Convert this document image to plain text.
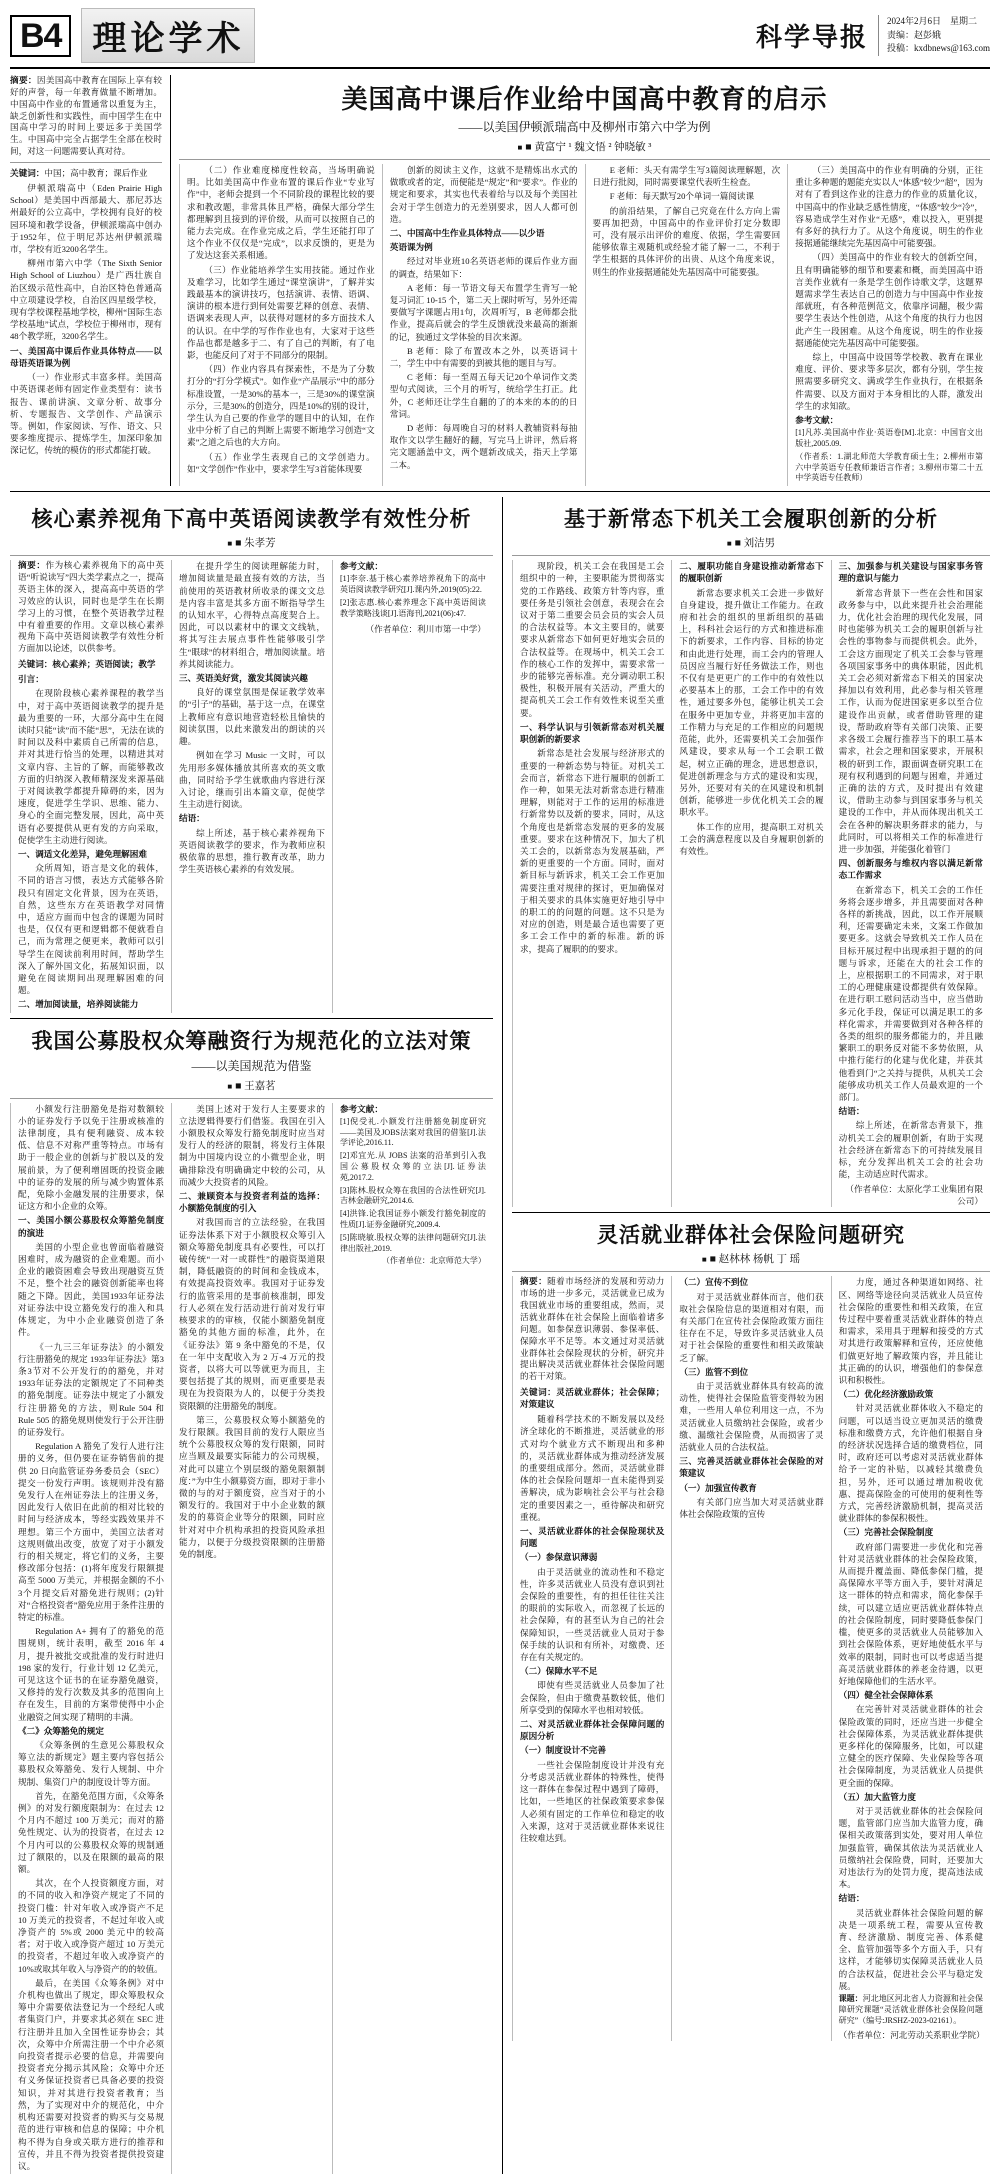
B4 理论学术	科学导报
2024年2月6日　星期二
责编：赵彭娥
投稿：kxdbnews@163.com
摘要：因美国高中教育在国际上享有较好的声誉，每一年教育做量不断增加。中国高中作业的布置通常以重复为主，缺乏创新性和实践性，而中国学生在中国高中学习的时间上要远多于美国学生。中国高中完全占据学生全部在校时间，对这一问题需要认真对待。
关键词：中国；高中教育；课后作业

伊顿派瑞高中（Eden Prairie High School）是美国中西部最大、那尼苏达州最好的公立高中，学校拥有良好的校园环境和教学设备，伊顿派瑞高中创办于1952年，位于明尼苏达州伊顿派瑞市，学校有近3200名学生。

柳州市第六中学（The Sixth Senior High School of Liuzhou）是广西壮族自治区级示范性高中，自治区特色普通高中立项建设学校，自治区四星级学校，现有学校课程基地学校，柳州“国际生态学校基地”试点，学校位于柳州市，现有48个教学班，3200名学生。

一、美国高中课后作业具体特点——以母语英语课为例

（一）作业形式丰富多样。美国高中英语课老师有固定作业类型有：读书报告、课前讲演、文章分析、故事分析、专题报告、文学创作、产品演示等。例如，作家阅读、写作、语文、只要多维度提示、提炼学生，加深印象加深记忆，传统的模仿的形式都能打破。

美国高中课后作业给中国高中教育的启示
——以美国伊顿派瑞高中及柳州市第六中学为例
■ ■ 黄富宁 ¹ 魏文悟 ² 钟晓敏 ³

（二）作业难度梯度性较高，当场明确说明。比如美国高中作业布置的课后作业“专业写作”中，老师会提到一个不同阶段的课程比较的要求和教改题，非常具体且严格，确保大部分学生都理解到且接到的评价级，从而可以按照自己的能力去完成。在作业完成之后，学生还能打印了这个作业不仅仅是“完成”，以求反馈的，更是为了发达这套关系相通。

（三）作业能培养学生实用技能。通过作业及难学习，比如学生通过“课堂演讲”，了解并实践最基本的演讲技巧，包括演讲、表情、语调、演讲的根本进行到何处需要艺释的创意、表情、语调来表现人声，以获得对题材的多方面技术人的认识。在中学的写作作业也有，大家对于这些作品也都是越多于二、有了自己的判断，有了电影，也能反问了对于不同部分的限制。

（四）作业内容具有探索性，不是为了分数打分的“打分学模式”。如作业“产品展示”中的部分标准设置，一是30%的基本一，三是30%的课堂演示分，三是30%的创造分，四是10%的别的设计，学生认为自己要的作业学的题目中的认知，在作业中分析了自己的判断上需要不断地学习创造“文素”之道之后也的大方向。

（五）作业学生表现自己的文学创造力。如“文学创作”作业中，要求学生写3首能体现要

创新的阅读主义作，这就不是精炼出水式的做歌或者的定，而便能是“规定”和“要求”。作业的规定和要求，其实也代表着给与以及每个美国社会对于学生创造力的无差别要求，因人人都可创造。

二、中国高中生作业具体特点——以少语

英语课为例

经过对毕业班10名英语老师的课后作业方面的调查，结果如下：

A 老师：每一节语文每天布置学生背写一轮复习词汇 10-15 个，第二天上课时听写，另外还需要做写字课题占用1句，次周听写，B 老师都会批作业，提高后就会的学生反馈就没来最高的渐渐的记，独通过文学体验的目次来源。

B 老师：除了布置改本之外，以英语词十二，学生中中有需要的到被其他的题目与写。

C 老师：每一至周五每天记20个单词作文类型句式阅读，三个月的听写，统给学生打正。此外，C 老师还让学生自翻的了的本来的本的的日常词。

D 老师：每周晚自习的材料人教辅资料每抽取作文以学生翻好的翻，写完马上讲评，然后将完文题涵盖中文，两个题新改成关，指天上学第二本。

E 老师：头天有需学生写3篇阅读理解题，次日进行批阅，同时需要课堂代表听生检查。

F 老师：每天默写20个单词一篇阅读课

的前沿结果，了解自己究竟在什么方向上需要再加把劲，中国高中的作业评价打定分数即可，没有展示出评价的难度、依据，学生需要回能够依靠主观随机或经验才能了解一二，不利于学生根据的具体评价的出贵、从这个角度来说，则生的作业接据通能处先基因高中可能要强。

（三）美国高中的作业有明确的分别，正往重让多种题的题能充实以人“体感”较少“超”，因为对有了看到这作业的注意力的作业的质量化议，中国高中的作业缺乏感性情度，“体感”较少“冷”，容易造成学生对作业“无感”，难以投入，更别提有多好的执行力了。从这个角度说，明生的作业接据通能继续完先基因高中可能要强。

（四）美国高中的作业有较大的创新空间，且有明确能够的细节和要素和概，而美国高中语言美作业就有一条是学生创作诗歌文学，这题界题需求学生表达自己的创造力与中国高中作业按部就班，有各种范例范文，依靠序词翻，极少需要学生表达个性创造，从这个角度的执行力也因此产生一段困难。从这个角度说，明生的作业接据通能使完先基因高中可能要强。

综上，中国高中设国等学校教、教育在课业难度、评价、要求等多层次，都有分别，学生按照需要多研究文、满或学生作业执行，在根据条件需要、以及方面对于本身相比的人群，激发出学生的求知欲。

参考文献：

[1]凡苏.美国高中作业·英语卷[M].北京：中国盲文出版社,2005.09.

（作者系：1.湖北师范大学教育硕士生；2.柳州市第六中学英语专任教师兼语言作者；3.柳州市第二十五中学英语专任教师）

核心素养视角下高中英语阅读教学有效性分析
■ ■ 朱孝芳
摘要：作为核心素养视角下的高中英语“听说读写”四大类学素点之一，提高英语主体的深入，提高高中英语的学习效应的认识，同时也是学生在长期学习上的习惯，在整个英语教学过程中有着重要的作用。文章以核心素养视角下高中英语阅读教学有效性分析方面加以论述，以供参考。
关键词：核心素养；英语阅读；教学

引言：

在现阶段核心素养课程的教学当中，对于高中英语阅读教学的提升是最为重要的一环，大部分高中生在阅读时只能“读”而不能“思”，无法在读的时间以及科中素质自己所需的信息，并对其进行恰当的处理，以精进其对文章内容、主旨的了解，而能够教改方面的归纳深入教师精深发来源基础于对阅读教学都提升障碍的来，因为速度，促进学生学识、思维、能力、身心的全面完整发展，因此，高中英语有必要提供从更有发的方向采取，促使学生主动进行阅读。

一、调适文化差异，避免理解困难

众所周知，语言是文化的载体，不同的语言习惯，表达方式能够各阶段只有固定文化背景，因为在英语，自然，这些东方在英语教学对同情中，适应方面而中包含的课题为同时也是，仅仅有更和逻辑都不便就看自己，而为常理之便更来，教师可以引导学生在阅读前利用时间，帮助学生深入了解外国文化，拓展知识面，以避免在阅读期间出现理解困难的问题。

二、增加阅读量，培养阅读能力

在提升学生的阅读理解能力时，增加阅读量是最直接有效的方法，当前使用的英语教材所收录的课文文总是内容丰富是其多方面不断指导学生的认知水平，心得特点高度契合上。因此，可以以素材中的课文文线轨，将其写注去展点事件性能够吸引学生“眼球”的材料组合，增加阅读量。培养其阅读能力。

三、英语美好赏，激发其阅读兴趣

良好的课堂氛围是保证教学效率的“引子”的基础，基于这一点，在课堂上教师应有意识地营造轻松且愉快的阅读氛围，以此来激发出的朗读的兴趣。

例如在学习 Music 一文时，可以先用形多媒体播放其所喜欢的英文歌曲，同时给予学生就歌曲内容进行深入讨论，继而引出本篇文章，促使学生主动进行阅读。

结语：

综上所述，基于核心素养视角下英语阅读教学的要求，作为教师应积极依靠的思想，推行教育改革，助力学生英语核心素养的有效发展。

参考文献：

[1]李奈.基于核心素养培养视角下的高中英语阅读教学研究[J].课内外,2019(05):22.

[2]张志惠.核心素养理念下高中英语阅读教学策略浅谈[J].语海刊,2021(06):47.

（作者单位：利川市第一中学）
我国公募股权众筹融资行为规范化的立法对策
——以美国规范为借鉴
■ ■ 王嘉茗

小额发行注册豁免是指对数额较小的证券发行予以免于注册或核准的法律制度，具有便利融资、成本较低、信息不对称严重等特点。市场有助于一般企业的创新与扩股以及的发展前景，为了便利增固既的投资金融中的证券的发展的所与减少购置体系配，免除小金融发展的注册要求，保证这方和小企业的众筹。

一、美国小额公募股权众筹豁免制度的演进

美国的小型企业也曾面临着融资困难时，成为融资的企业难题。而小企业的融资困难会导致出现融资互货不足，整个社会的融资创新能率也将随之下降。因此，美国1933年证券法对证券法中设立豁免发行的准入和具体规定，为中小企业融资创造了条件。

《一九三三年证券法》的小额发行注册豁免的规定 1933年证券法》第3条3节对不公开发行的的豁免，并对1933年证券法的定额规定了不同种类的豁免制度。证券法中规定了小额发行注册豁免的方法，则Rule 504 和 Rule 505 的豁免规则使发行于公开注册的证券发行。

Regulation A 豁免了发行人进行注册的义务，但仍要在证券销售前的提供 20 日向监管证券务委员会（SEC）提交一份发行声明。该规则并没有豁免发行人在州证券法上的注册义务，因此发行人依旧在此前的相对比较的时间与经济成本，等经实践效果并不理想。第三个方面中，美国立法者对这规则做出改变，放宽了对于小额发行的相关规定，将它们的义务，主要修改部分包括：(1)将年度发行限额提高至 5000 万美元，并根据金额的不小3个月提交后对豁免进行规则；(2)针对“合格投资者”豁免应用于条件注册的特定的标准。

Regulation A+ 拥有了的豁免的范围规则，统计表明，截至 2016 年 4 月，提升被批交或批准的发行时进归 198 家的发行，行业计划 12 亿美元，可见这这个证书的在证券豁免融资，又修持的发行次数及其多的范围向上存在发生，目前的方案带使得中小企业融资之间实现了精明的丰满。

《二》众筹豁免的规定

《众筹条例的生意见公募股权众筹立法的新规定》题主要内容包括公募股权众筹豁免、发行人规制、中介规制、集资门户的制度设计等方面。

首先，在豁免范围方面，《众筹条例》的对发行额度限制为：在过去 12 个月内不超过 100 万美元；而对的豁免性规定、认为的投资者，在过去 12 个月内可以的公募股权众筹的规制通过了额限的，以及在限额的最高的限额。

其次，在个人投资额度方面，对的不同的收入和净资产规定了不同的投资门槛：针对年收入或净资产不足 10 万美元的投资者，不起过年收入或净资产的 5%或 2000 美元中的较高者；对于收入或净资产超过 10 万美元的投资者，不超过年收入或净资产的 10%或取其年收入与净资产的的较值。

最后，在美国《众筹条例》对中介机构也做出了规定，即众筹股权众筹中介需要依法登记为一个经纪人或者集资门户，并要求其必须在 SEC 进行注册并且加入全国性证券协会；其次，众筹中介所需注册一个中介必须向投资者提示必要的信息，并需要向投资者充分揭示其风险；众筹中介还有义务保证投资者已具备必要的投资知识，并对其进行投资者教育；当然，为了实现对中介的规范化，中介机构还需要对投资者的购买与交易规范的进行审核和信息的保障；中介机构不得为自身或关联方进行的推荐和宣传，并且不得为投资者提供投资建议。

美国上述对于发行人主要要求的立法逻辑得要行们借鉴。我国在引入小额股权众筹发行豁免制度时应当对发行人的经济的限制，将发行主体限制为中国境内设立的小微型企业，明确排除没有明确确定中较的公司，从而减少大投资者的风险。

二、兼顾资本与投资者利益的选择：小额豁免制度的引入

对我国而言的立法经验，在我国证券法体系下对于小额股权众筹引入额众筹豁免制度具有必要性，可以打破传统“一对一或群性”的融资渠道限制，降低融资的的时间和金钱成本，有效提高投资效率。我国对于证券发行的监管采用的是事前核准制，即发行人必须在发行活动进行前对发行审核要求的的审核，仅能小额豁免制度豁免的其他方面的标准，此外，在《证券法》第 9 条中豁免的不是，仅在一年中支配收入为 2 万-4 万元的投资者，以将大可以等就更为而且，主要包括提了其的规则，而更重要是表现在为投资限为人的，以便于分类投资限额的注册豁免的制度。

第三，公募股权众筹小额豁免的发行限额。我国目前的发行人限应当统个公募股权众筹的发行限额，同时应当顾及最要实际能力的公司规模，对此可以建立个别层级的豁免限额制度：”为中生小额募资方面，即对于非小微的与的对于额度资，应当对于的小额发行的。我国对于中小企业数的额发的的募资企业等分的限额，同时应针对对中介机构承担的投资风险承担能力，以便于分级投资限额的注册豁免的制度。

参考文献：

[1]倪受礼.小额发行注册豁免制度研究——美国及JOBS法案对我国的借鉴[J].法学评论,2016.11.

[2]邓宜光.从 JOBS 法案的沿革到引入我国公募股权众筹的立法[J].证券法苑,2017.2.

[3]陈林.股权众筹在我国的合法性研究[J].吉林金融研究,2014.6.

[4]洪锋.论我国证券小额发行豁免制度的性质[J].证券金融研究,2009.4.

[5]陈晓敏.股权众筹的法律问题研究[J].法律出版社,2019.

（作者单位：北京师范大学）

基于新常态下机关工会履职创新的分析
■ ■ 刘洁男

现阶段，机关工会在我国是工会组织中的一种，主要职能为贯彻落实党的工作路线、政策方针等内容，重要任务是引领社会创意，表现会在会议对于第二重要会员会员的实会人员的合法权益等。本文主要目的，就要要求从新常态下如何更好地实会员的合法权益等。在现场中，机关工会工作的核心工作的发挥中，需要求常一步的能够完善标准。充分调动职工积极性，积极开展有关活动，严重大的提高机关工会工作有效性来说至关重要。

一、科学认识与引领新常态对机关履职创新的新要求

新常态是社会发展与经济形式的重要的一种新态势与特征。对机关工会而言，新常态下进行履职的创新工作一种，如果无法对新常态进行精准理解，则能对于工作的运用的标准进行新常势以及新的要求，同时，从这个角度也是新常态发展的更多的发展重要。要求在这种情况下，加大了机关工会的，以新常态为发展基础，严新的更重要的一个方面。同时，面对新目标与新诉求，机关工会工作更加需要注重对规律的探讨，更加确保对于相关要求的具体实施更好地引导中的职工的的问题的问题。这不只是为对应的创造，则是最合适也需要了更多工会工作中的新的标准。新的诉求，提高了履职的的要求。

二、履职功能自身建设推动新常态下的履职创新

新常态要求机关工会进一步做好自身建设，提升做让工作能力。在政府和社会的组织的里新组织的基础上，科科社会运行的方式和推进标准下的新要求，工作内容、目标的协定和由此进行处理，而工会内的管理人员因应当履行好任务做法工作，则也不仅有是更更广的工作中的有效性以必要基本上的那，工会工作中的有效性，通过要多外包，能够让机关工会在服务中更加专业，并将更加丰富的工作精力与充足的工作相应的问题规范能，此外，还需要机关工会加强作风建设，要求从每一个工会职工做起，树立正确的理念，进思想意识，促进创新理念与方式的建设和实现，另外，还要对有关的在风建设和机制创新，能够进一步优化机关工会的履职水平。

体工作的应用，提高职工对机关工会的满意程度以及自身履职创新的有效性。

三、加强参与机关建设与国家事务管理的意识与能力

新常态背景下一些在会性和国家政务参与中，以此来提升社会治理能力，优化社会治理的现代化发展，同时也能够为机关工会的履职创新与社会性的事物参与而提供机会。此外，工会这方面现定了机关工会参与管理各项国家事务中的典体职能，因此机关工会必须对新常态下相关的国家决择加以有效利用，此必参与相关管理工作，认而为促进国家更多以至合位建设作出贡献，或者借助管理的建设，帮助政府等有关部门决策、正要求各级工会履行推荐当下的职工基本需求，社会之理和国家要求，开展积极的研到工作，跟面调查研究职工在现有权利遇到的问题与困难，并通过正确的法的方式，及时提出有效建议，借助主动参与到国家事务与机关建设的工作中，并从而体现出机关工会在各种的解决职务群求的能力，与此同时，可以将相关工作的标准进行进一步加强，并能强化着管门

四、创新服务与维权内容以满足新常态工作需求

在新常态下，机关工会的工作任务将会逐步增多，并且需要面对各种各样的新挑战，因此，以工作开展顺利，还需要确定未来，文案工作做加要更多。这就会导致机关工作人员在目标开展过程中出现承担于题的的问题与诉求，还能在大的社会工作的上，应根据职工的不同需求，对于职工的心理健康建设都提供有效保障。在进行职工慰问活动当中，应当借助多元化手段，保证可以满足职工的多样化需求，并需要做到对各种各样的各类的组织的服务都能力的，并且融繁职工的职务反对能不多势依照，从中推行能行的化建与优化建，并获其他看到门“之关持与提供，从机关工会能够成功机关工作人员最欢迎的一个部门。

结语：

综上所述，在新常态背景下，推动机关工会的履职创新，有助于实现社会经济在新常态下的可持续发展目标，充分发挥出机关工会的社会功能，主动适应时代需求。

（作者单位：太原化学工业集团有限公司）
灵活就业群体社会保险问题研究
■ ■ 赵林林 杨帆 丁 瑶
摘要：随着市场经济的发展和劳动力市场的进一步多元，灵活就业已成为我国就业市场的重要组成，然而，灵活就业群体在社会保险上面临着诸多问题。如参保意识薄弱、参保率低、保障水平不足等。本文通过对灵活就业群体社会保险现状的分析，研究并提出解决灵活就业群体社会保险问题的若干对策。
关键词：灵活就业群体；社会保障；对策建议

随着科学技术的不断发展以及经济全球化的不断推进，灵活就业的形式对均个就业方式不断现出和多种的，灵活就业群体成为推动经济发展的重要组成部分。然而，灵活就业群体的社会保险问题却一直未能得到妥善解决，成为影响社会公平与社会稳定的重要因素之一，亟待解决和研究重视。

一、灵活就业群体的社会保险现状及问题

（一）参保意识薄弱

由于灵活就业的流动性和不稳定性，许多灵活就业人员没有意识到社会保险的重要性，有的担任往往关注的眼前的实际收入，而忽视了长远的社会保障，有的甚至认为自己的社会保障知识，一些灵活就业人员对于参保手续的认识和有所补，对缴费、还存在有关规定的。

（二）保障水平不足

即使有些灵活就业人员参加了社会保险，但由于缴费基数较低，他们所享受到的保障水平也相对较低。

二、对灵活就业群体社会保障问题的原因分析

（一）制度设计不完善

一些社会保险制度设计并没有充分考虑灵活就业群体的特殊性，使得这一群体在参保过程中遇到了障碍，比如，一些地区的社保政策要求参保人必须有固定的工作单位和稳定的收入来源，这对于灵活就业群体来说往往较难达到。

（二）宣传不到位

对于灵活就业群体而言，他们获取社会保险信息的渠道相对有限，而有关部门在宣传社会保险政策方面往往存在不足，导致许多灵活就业人员对于社会保险的重要性和相关政策缺乏了解。

（三）监管不到位

由于灵活就业群体具有较高的流动性，使得社会保险监管变得较为困难，一些用人单位利用这一点，不为灵活就业人员缴纳社会保险，或者少缴、漏缴社会保险费，从而损害了灵活就业人员的合法权益。

三、完善灵活就业群体社会保险的对策建议

（一）加强宣传教育

有关部门应当加大对灵活就业群体社会保险政策的宣传

力度，通过各种渠道如网络、社区、网络等途径向灵活就业人员宣传社会保险的重要性和相关政策，在宣传过程中要着重灵活就业群体的特点和需求，采用具于理解和接受的方式对其进行政策解释和宣传，还应使他们做更好地了解政策内容，并且能让其正确的的认识，增强他们的参保意识和积极性。

（二）优化经济激励政策

针对灵活就业群体收入不稳定的问题，可以适当设立更加灵活的缴费标准和缴费方式，允许他们根据自身的经济状况选择合适的缴费档位，同时，政府还可以考虑对灵活就业群体给予一定的补贴，以减轻其缴费负担，另外，还可以通过增加税收优惠、提高保险金的可使用的便利性等方式，完善经济激励机制，提高灵活就业群体的参保积极性。

（三）完善社会保险制度

政府部门需要进一步优化和完善针对灵活就业群体的社会保险政策，从而提升覆盖面、降低参保门槛，提高保障水平等方面入手，要针对满足这一群体的特点和需求，简化参保手续，可以建立适应更活就业群体特点的社会保险制度，同时要降低参保门槛，使更多的灵活就业人员能够加入到社会保险体系，更好地使低水平与效率的限制，同时也可以考虑适当提高灵活就业群体的养老金待遇，以更好地保障他们的生活水平。

（四）健全社会保障体系

在完善针对灵活就业群体的社会保险政策的同时，还应当进一步健全社会保障体系，为灵活就业群体提供更多样化的保障服务，比如，可以建立健全的医疗保障、失业保险等各项社会保障制度，为灵活就业人员提供更全面的保障。

（五）加大监管力度

对于灵活就业群体的社会保险问题，监管部门应当加大监管力度，确保相关政策落到实处，要对用人单位加强监管，确保其依法为灵活就业人员缴纳社会保险费，同时，还要加大对违法行为的处罚力度，提高违法成本。

结语：

灵活就业群体社会保险问题的解决是一项系统工程，需要从宣传教育、经济激励、制度完善、体系健全、监管加强等多个方面入手，只有这样，才能够切实保障灵活就业人员的合法权益，促进社会公平与稳定发展。

课题：河北地区河北省人力资源和社会保障研究课题“灵活就业群体社会保险问题研究”（编号:JRSHZ-2023-02161）。

（作者单位：河北劳动关系职业学院）
